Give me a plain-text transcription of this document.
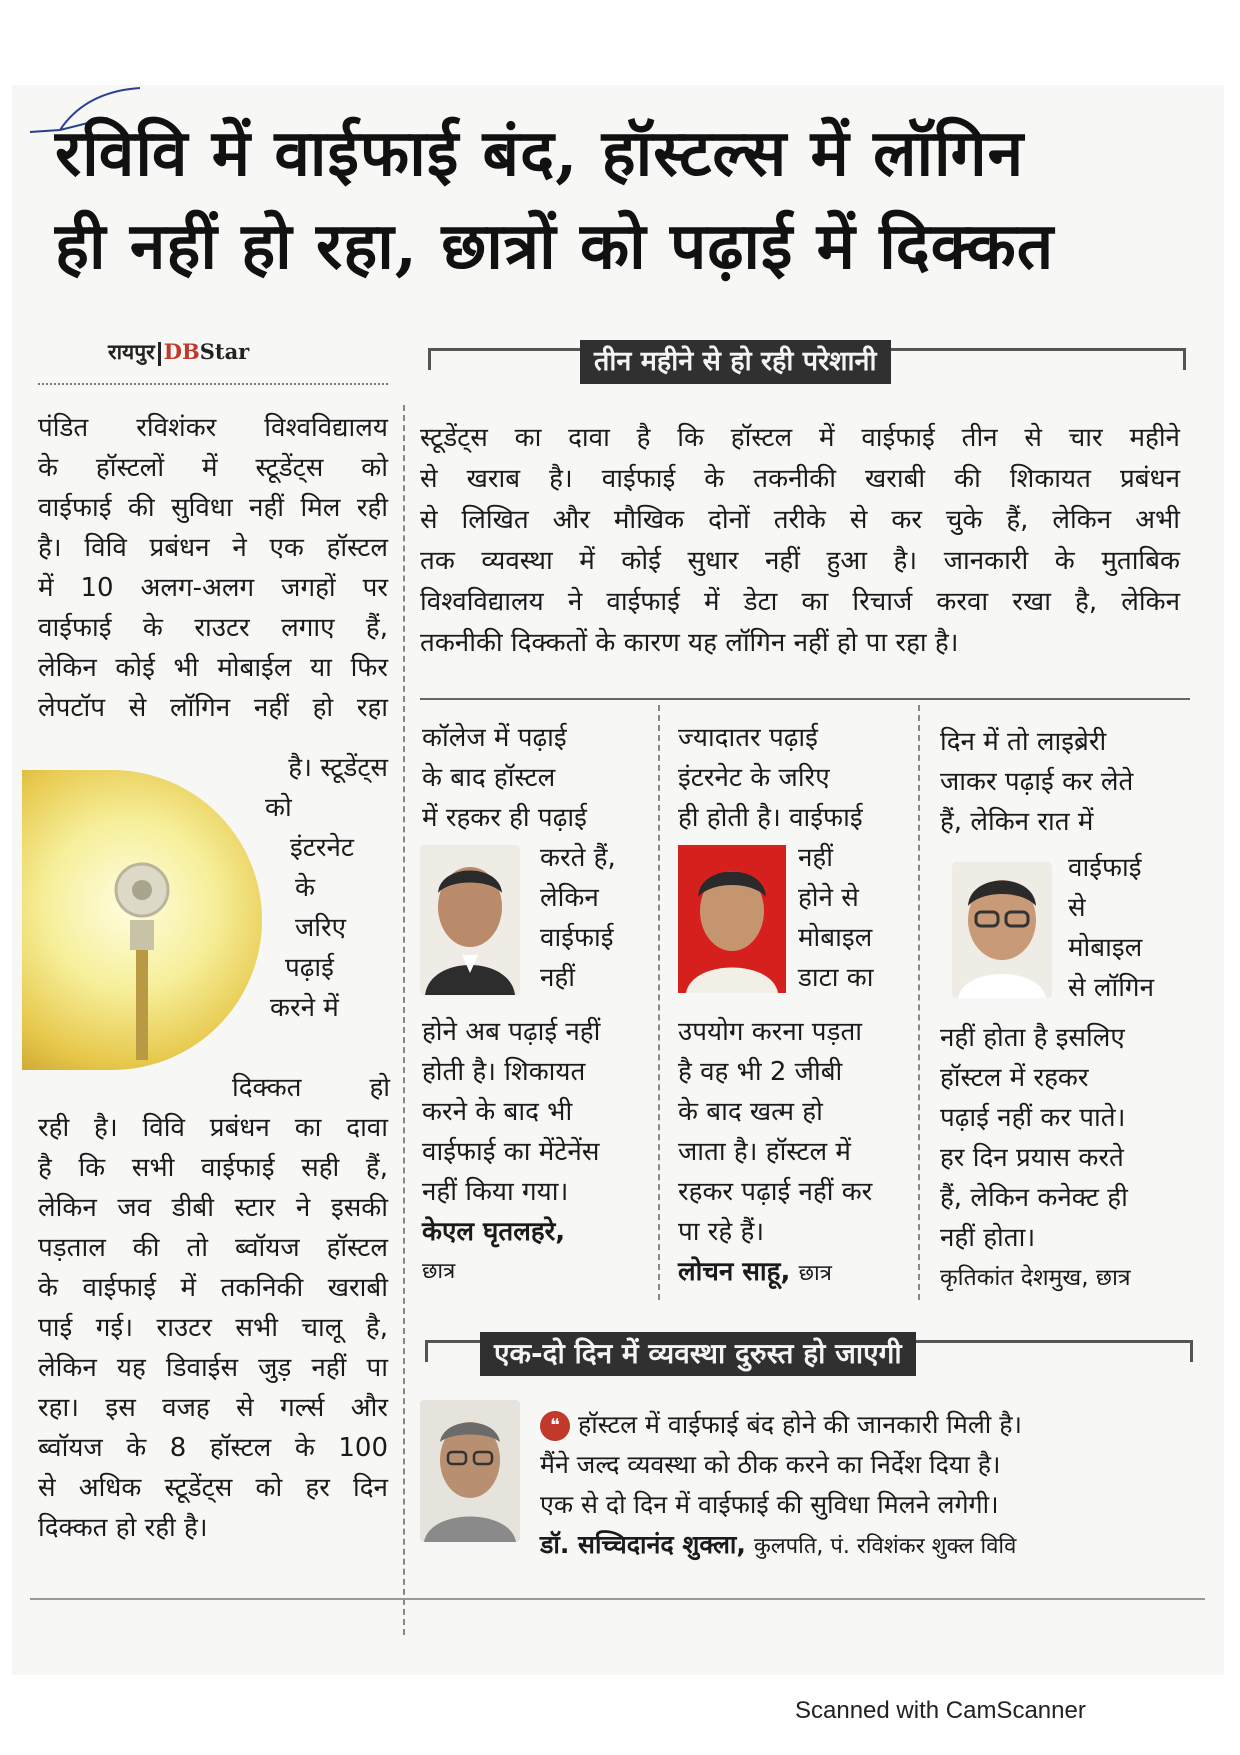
रविवि में वाईफाई बंद, हॉस्टल्स में लॉगिन
ही नहीं हो रहा, छात्रों को पढ़ाई में दिक्कत
रायपुर DBStar	तीन महीने से हो रही परेशानी
पंडित रविशंकर विश्वविद्यालय
के हॉस्टलों में स्टूडेंट्स को
वाईफाई की सुविधा नहीं मिल रही
है। विवि प्रबंधन ने एक हॉस्टल
में 10 अलग-अलग जगहों पर
वाईफाई के राउटर लगाए हैं,
लेकिन कोई भी मोबाईल या फिर
लेपटॉप से लॉगिन नहीं हो रहा
है। स्टूडेंट्स
को
इंटरनेट
के
जरिए
पढ़ाई
करने में
दिक्कत हो
रही है। विवि प्रबंधन का दावा
है कि सभी वाईफाई सही हैं,
लेकिन जव डीबी स्टार ने इसकी
पड़ताल की तो ब्वॉयज हॉस्टल
के वाईफाई में तकनिकी खराबी
पाई गई। राउटर सभी चालू है,
लेकिन यह डिवाईस जुड़ नहीं पा
रहा। इस वजह से गर्ल्स और
ब्वॉयज के 8 हॉस्टल के 100
से अधिक स्टूडेंट्स को हर दिन
दिक्कत हो रही है।
स्टूडेंट्स का दावा है कि हॉस्टल में वाईफाई तीन से चार महीने
से खराब है। वाईफाई के तकनीकी खराबी की शिकायत प्रबंधन
से लिखित और मौखिक दोनों तरीके से कर चुके हैं, लेकिन अभी
तक व्यवस्था में कोई सुधार नहीं हुआ है। जानकारी के मुताबिक
विश्वविद्यालय ने वाईफाई में डेटा का रिचार्ज करवा रखा है, लेकिन
तकनीकी दिक्कतों के कारण यह लॉगिन नहीं हो पा रहा है।
कॉलेज में पढ़ाई
के बाद हॉस्टल
में रहकर ही पढ़ाई
करते हैं,
लेकिन
वाईफाई
नहीं
होने अब पढ़ाई नहीं
होती है। शिकायत
करने के बाद भी
वाईफाई का मेंटेनेंस
नहीं किया गया।
केएल घृतलहरे,
छात्र
ज्यादातर पढ़ाई
इंटरनेट के जरिए
ही होती है। वाईफाई
नहीं
होने से
मोबाइल
डाटा का
उपयोग करना पड़ता
है वह भी 2 जीबी
के बाद खत्म हो
जाता है। हॉस्टल में
रहकर पढ़ाई नहीं कर
पा रहे हैं।
लोचन साहू, छात्र
दिन में तो लाइब्रेरी
जाकर पढ़ाई कर लेते
हैं, लेकिन रात में
वाईफाई
से
मोबाइल
से लॉगिन
नहीं होता है इसलिए
हॉस्टल में रहकर
पढ़ाई नहीं कर पाते।
हर दिन प्रयास करते
हैं, लेकिन कनेक्ट ही
नहीं होता।
कृतिकांत देशमुख, छात्र
एक-दो दिन में व्यवस्था दुरुस्त हो जाएगी
❝ हॉस्टल में वाईफाई बंद होने की जानकारी मिली है।
मैंने जल्द व्यवस्था को ठीक करने का निर्देश दिया है।
एक से दो दिन में वाईफाई की सुविधा मिलने लगेगी।
डॉ. सच्चिदानंद शुक्ला, कुलपति, पं. रविशंकर शुक्ल विवि
Scanned with CamScanner
